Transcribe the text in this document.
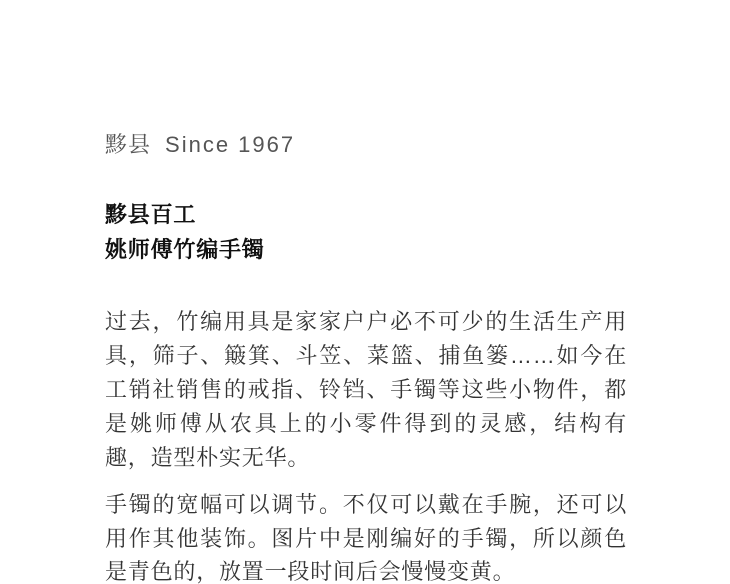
黟县 Since 1967
黟县百工
姚师傅竹编手镯

过去，竹编用具是家家户户必不可少的生活生产用
具，筛子、簸箕、斗笠、菜篮、捕鱼篓……如今在
工销社销售的戒指、铃铛、手镯等这些小物件，都
是姚师傅从农具上的小零件得到的灵感，结构有
趣，造型朴实无华。

手镯的宽幅可以调节。不仅可以戴在手腕，还可以
用作其他装饰。图片中是刚编好的手镯，所以颜色
是青色的，放置一段时间后会慢慢变黄。
